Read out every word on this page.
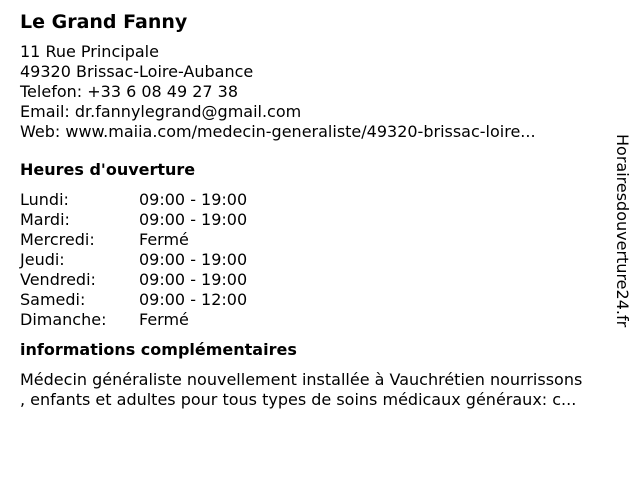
Le Grand Fanny
11 Rue Principale
49320 Brissac-Loire-Aubance
Telefon: +33 6 08 49 27 38
Email: dr.fannylegrand@gmail.com
Web: www.maiia.com/medecin-generaliste/49320-brissac-loire...
Heures d'ouverture
Lundi:	09:00 - 19:00
Mardi:	09:00 - 19:00
Mercredi:	Fermé
Jeudi:	09:00 - 19:00
Vendredi:	09:00 - 19:00
Samedi:	09:00 - 12:00
Dimanche:	Fermé
informations complémentaires
Médecin généraliste nouvellement installée à Vauchrétien nourrissons
, enfants et adultes pour tous types de soins médicaux généraux: c...
Horairesdouverture24.fr
